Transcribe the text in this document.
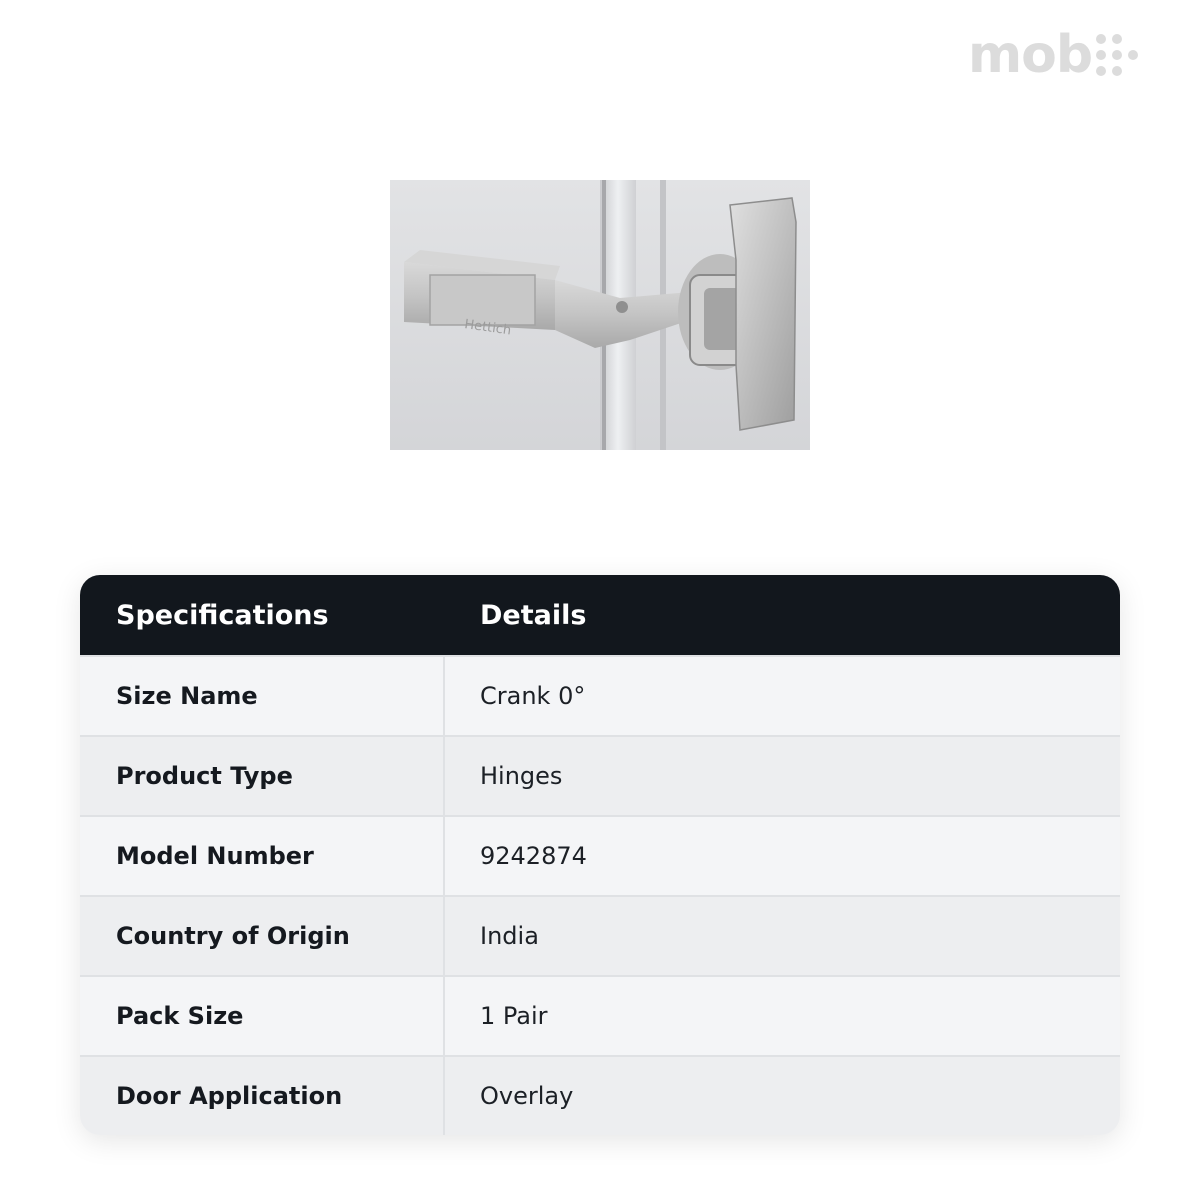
mob
Hettich
Specifications	Details
Size Name	Crank 0°
Product Type	Hinges
Model Number	9242874
Country of Origin	India
Pack Size	1 Pair
Door Application	Overlay
